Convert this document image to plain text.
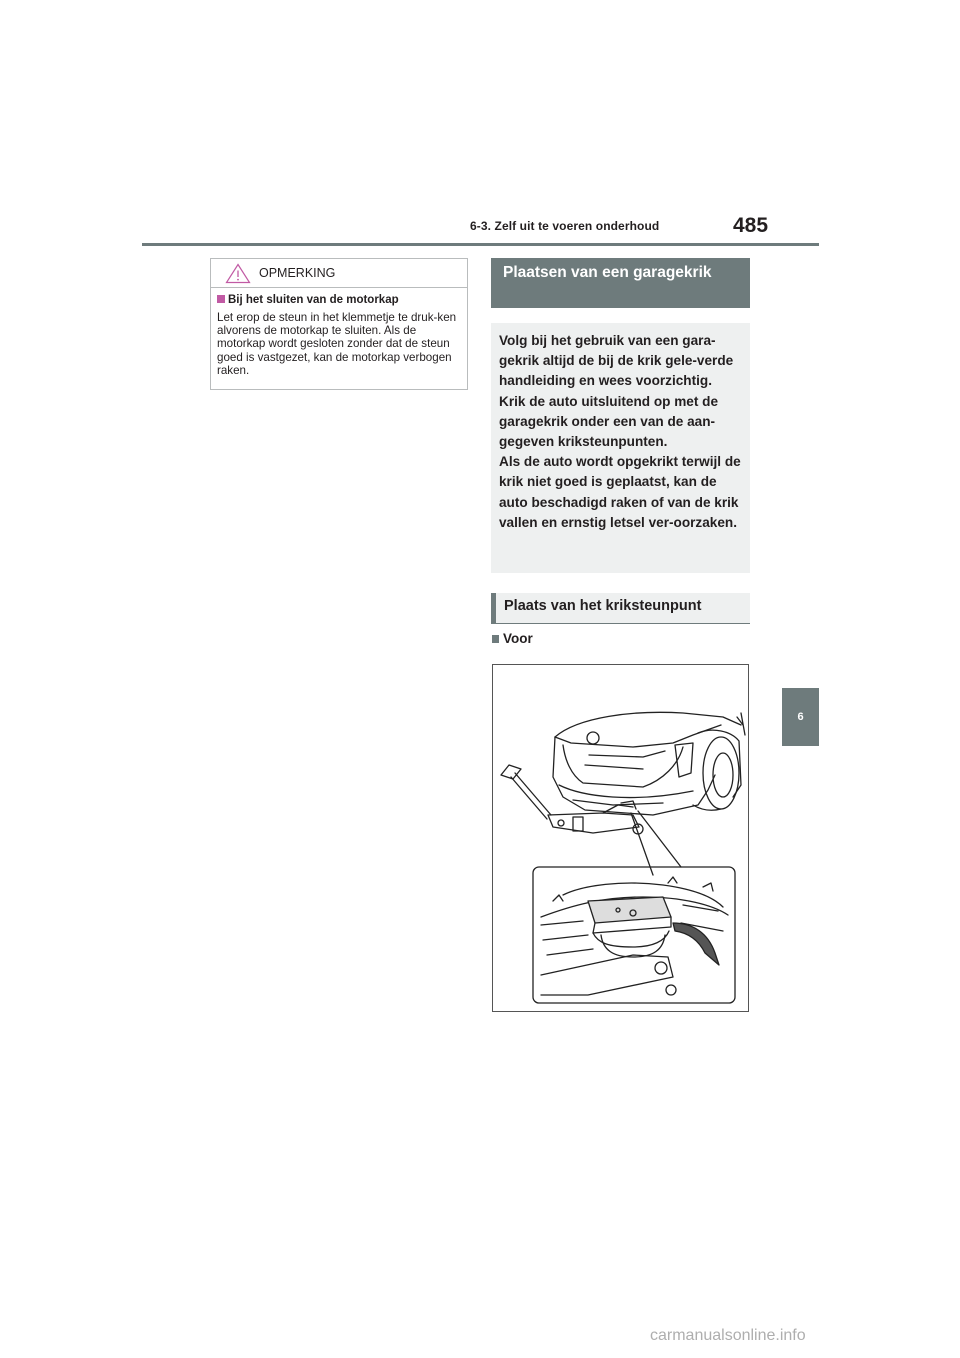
6-3. Zelf uit te voeren onderhoud	485
6
OPMERKING
Bij het sluiten van de motorkap
Let erop de steun in het klemmetje te druk-ken alvorens de motorkap te sluiten. Als de motorkap wordt gesloten zonder dat de steun goed is vastgezet, kan de motorkap verbogen raken.
Plaatsen van een garagekrik
Volg bij het gebruik van een gara-gekrik altijd de bij de krik gele-verde handleiding en wees voorzichtig.
Krik de auto uitsluitend op met de garagekrik onder een van de aan-gegeven kriksteunpunten.
Als de auto wordt opgekrikt terwijl de krik niet goed is geplaatst, kan de auto beschadigd raken of van de krik vallen en ernstig letsel ver-oorzaken.
Plaats van het kriksteunpunt
Voor
carmanualsonline.info
